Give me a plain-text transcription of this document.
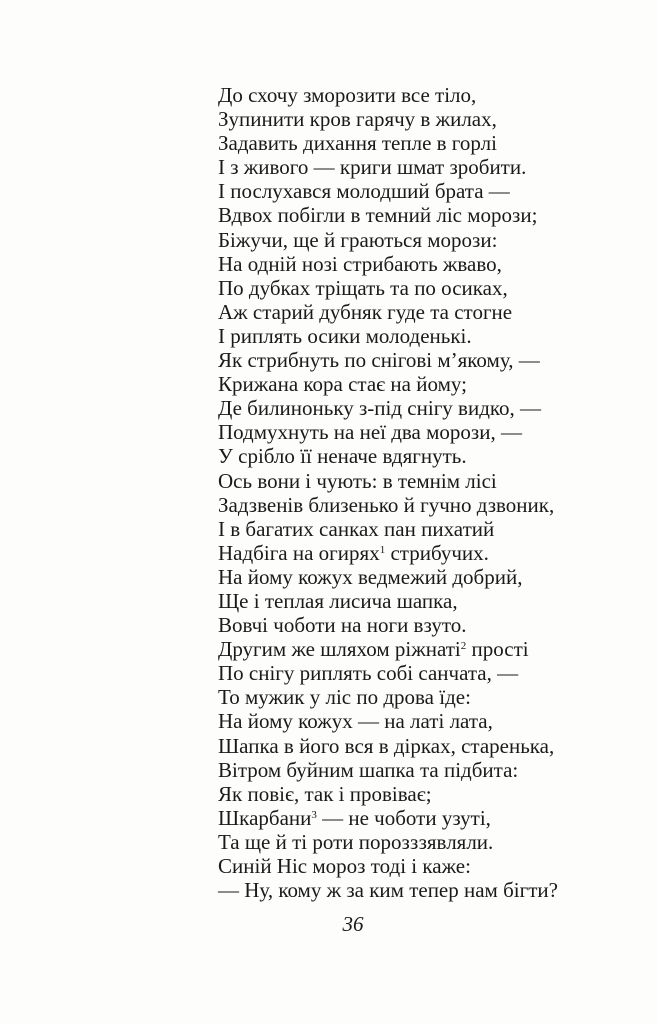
До схочу зморозити все тіло,
Зупинити кров гарячу в жилах,
Задавить дихання тепле в горлі
І з живого — криги шмат зробити.
І послухався молодший брата —
Вдвох побігли в темний ліс морози;
Біжучи, ще й граються морози:
На одній нозі стрибають жваво,
По дубках тріщать та по осиках,
Аж старий дубняк гуде та стогне
І риплять осики молоденькі.
Як стрибнуть по снігові м’якому, —
Крижана кора стає на йому;
Де билиноньку з-під снігу видко, —
Подмухнуть на неї два морози, —
У срібло її неначе вдягнуть.
Ось вони і чують: в темнім лісі
Задзвенів близенько й гучно дзвоник,
І в багатих санках пан пихатий
Надбіга на огирях$^1$ стрибучих.
На йому кожух ведмежий добрий,
Ще і теплая лисича шапка,
Вовчі чоботи на ноги взуто.
Другим же шляхом ріжнаті$^2$ прості
По снігу риплять собі санчата, —
То мужик у ліс по дрова їде:
На йому кожух — на латі лата,
Шапка в його вся в дірках, старенька,
Вітром буйним шапка та підбита:
Як повіє, так і провіває;
Шкарбани$^3$ — не чоботи узуті,
Та ще й ті роти порозззявляли.
Синій Ніс мороз тоді і каже:
— Ну, кому ж за ким тепер нам бігти?
36
